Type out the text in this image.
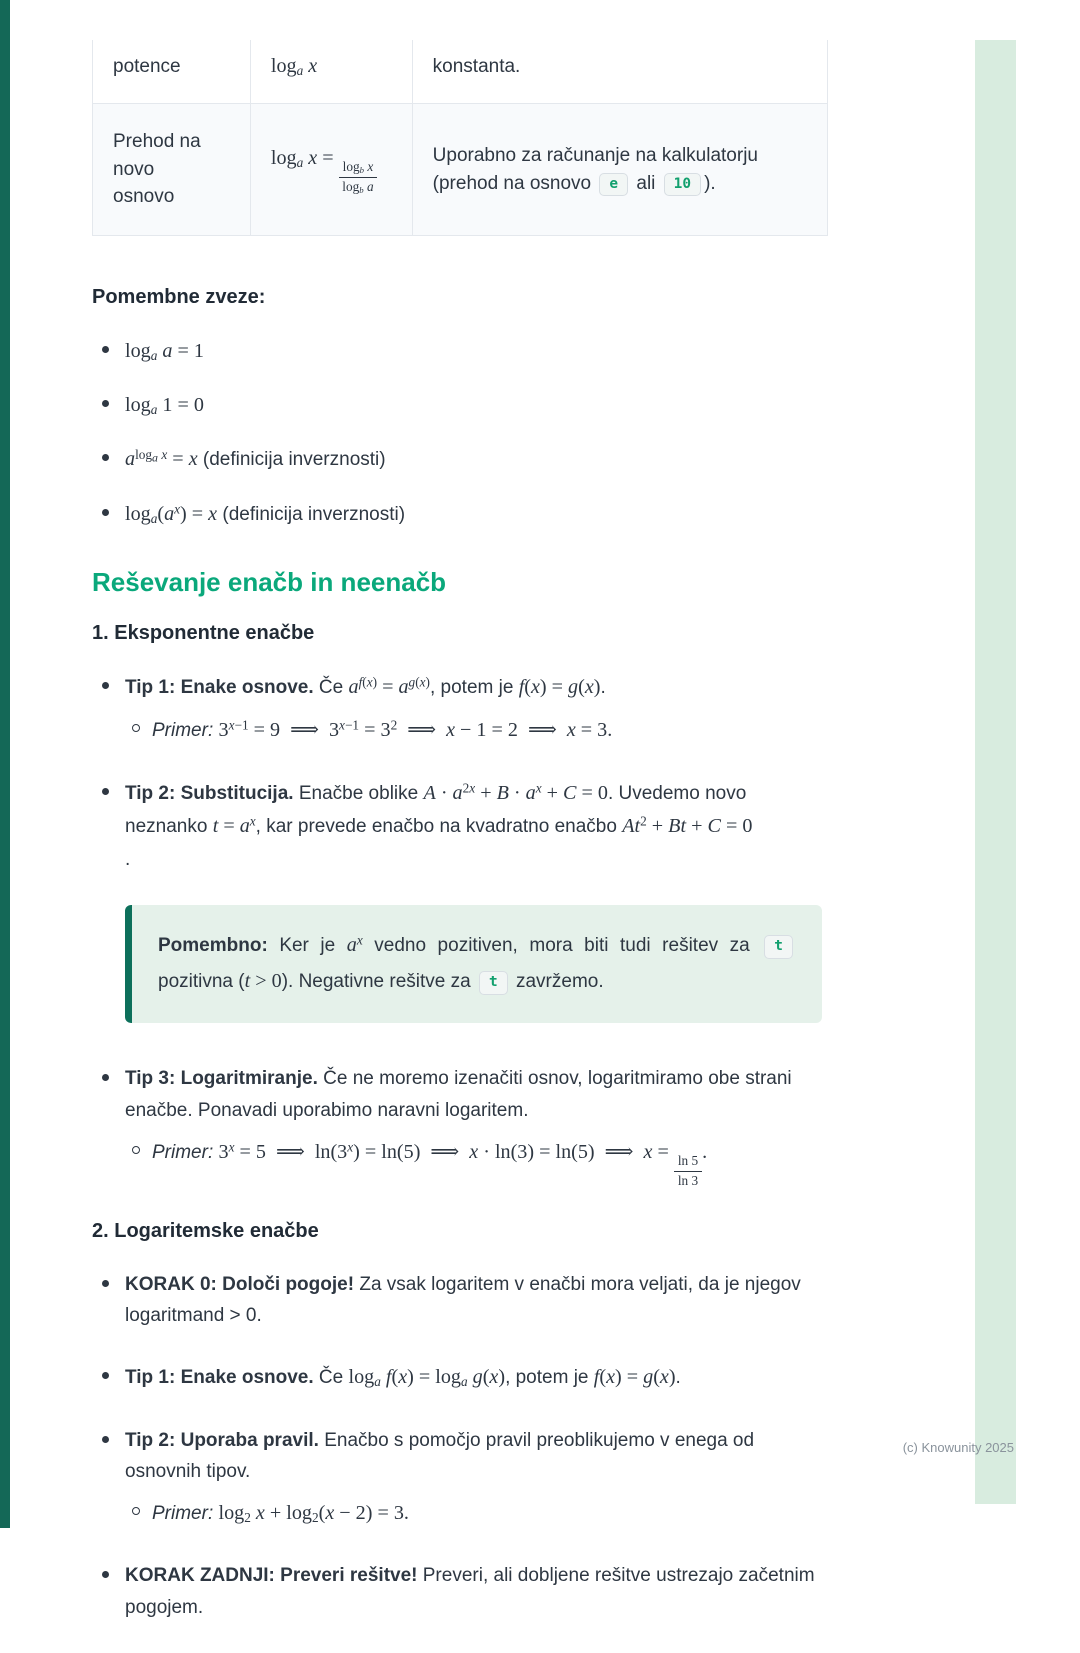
potence	$\log_a x$	konstanta.
Prehod na
novo
osnovo	$\log_a x$ =
$\frac{\log_b x}{\log_b a}$	Uporabno za računanje na kalkulatorju
(prehod na osnovo e ali 10 ).
Pomembne zveze:
$\log_a a = 1$
$\log_a 1 = 0$
$a^{log_a x} = x$ (definicija inverznosti)
$\log_a(a^x) = x$ (definicija inverznosti)
Reševanje enačb in neenačb
1. Eksponentne enačbe
Tip 1: Enake osnove. Če $a^{f(x)} = a^{g(x)}$, potem je f(x) = g(x).
Primer: $3^{x-1} = 9$ ⟹ $3^{x-1} = 3^2$ ⟹ x − 1 = 2 ⟹ x = 3.
Tip 2: Substitucija. Enačbe oblike $A \cdot a^{2x} + B \cdot a^x + C = 0$. Uvedemo novo neznanko $t = a^x$, kar prevede enačbo na kvadratno enačbo $At^2 + Bt + C = 0$
.
Pomembno: Ker je $a^x$ vedno pozitiven, mora biti tudi rešitev za t pozitivna (t > 0). Negativne rešitve za t zavržemo.
Tip 3: Logaritmiranje. Če ne moremo izenačiti osnov, logaritmiramo obe strani enačbe. Ponavadi uporabimo naravni logaritem.
Primer: $3^x = 5$ ⟹ $\ln(3^x) = \ln(5)$ ⟹ x · ln(3) = ln(5) ⟹ x =
$\frac{\ln 5}{\ln 3}$
.
2. Logaritemske enačbe
KORAK 0: Določi pogoje! Za vsak logaritem v enačbi mora veljati, da je njegov logaritmand > 0.
Tip 1: Enake osnove. Če $\log_a f(x) = \log_a g(x)$, potem je f(x) = g(x).
Tip 2: Uporaba pravil. Enačbo s pomočjo pravil preoblikujemo v enega od osnovnih tipov.
Primer: $\log_2 x + \log_2(x - 2) = 3$.
KORAK ZADNJI: Preveri rešitve! Preveri, ali dobljene rešitve ustrezajo začetnim pogojem.
(c) Knowunity 2025
